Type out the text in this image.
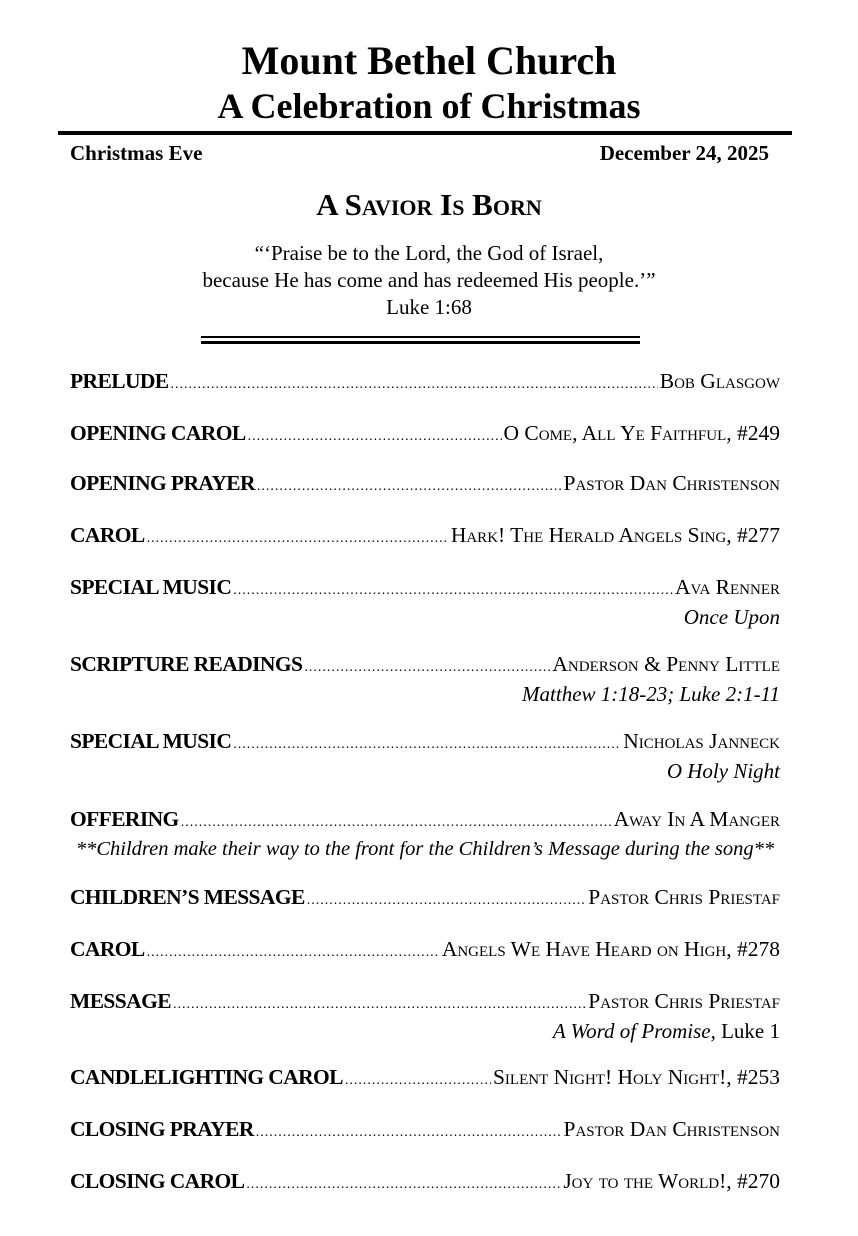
Mount Bethel Church
A Celebration of Christmas
Christmas Eve	December 24, 2025
A Savior Is Born
“‘Praise be to the Lord, the God of Israel,
because He has come and has redeemed His people.’”
Luke 1:68
PRELUDE .....	Bob Glasgow
OPENING CAROL .....	O Come, All Ye Faithful, #249
OPENING PRAYER .....	Pastor Dan Christenson
CAROL .....	Hark! The Herald Angels Sing, #277
SPECIAL MUSIC .....	Ava Renner
Once Upon
SCRIPTURE READINGS .....	Anderson & Penny Little
Matthew 1:18-23; Luke 2:1-11
SPECIAL MUSIC .....	Nicholas Janneck
O Holy Night
OFFERING .....	Away In A Manger
**Children make their way to the front for the Children’s Message during the song**
CHILDREN’S MESSAGE .....	Pastor Chris Priestaf
CAROL .....	Angels We Have Heard on High, #278
MESSAGE .....	Pastor Chris Priestaf
A Word of Promise, Luke 1
CANDLELIGHTING CAROL .....	Silent Night! Holy Night!, #253
CLOSING PRAYER .....	Pastor Dan Christenson
CLOSING CAROL .....	Joy to the World!, #270
